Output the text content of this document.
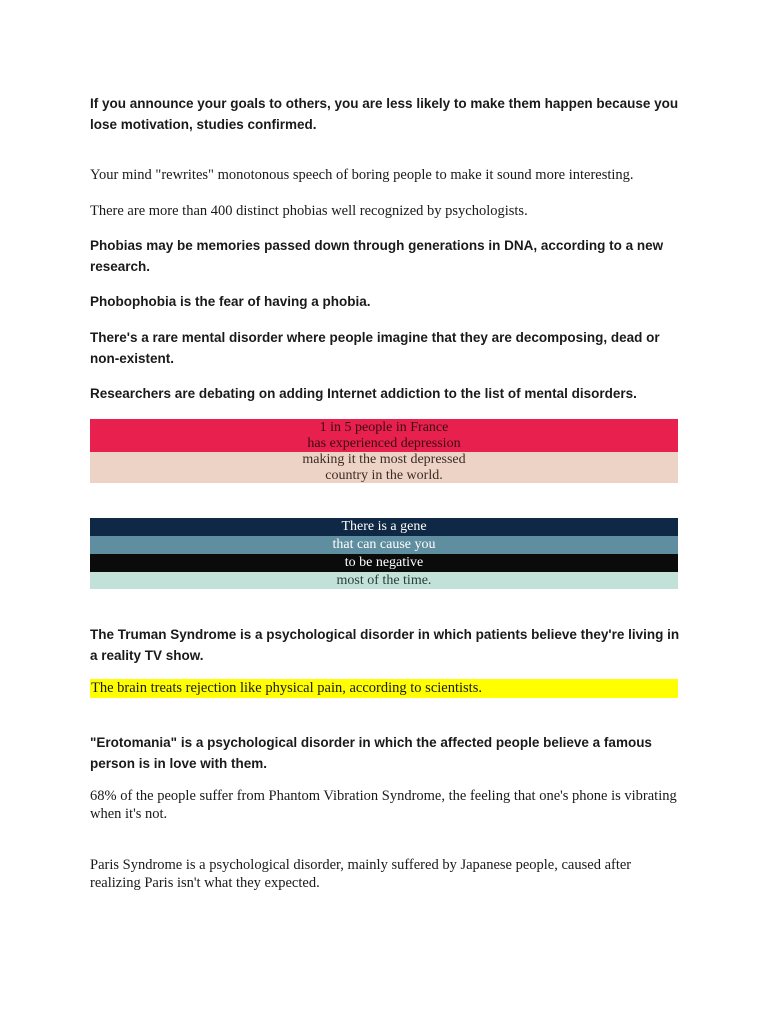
If you announce your goals to others, you are less likely to make them happen because you lose motivation, studies confirmed.

Your mind "rewrites" monotonous speech of boring people to make it sound more interesting.

There are more than 400 distinct phobias well recognized by psychologists.

Phobias may be memories passed down through generations in DNA, according to a new research.

Phobophobia is the fear of having a phobia.

There's a rare mental disorder where people imagine that they are decomposing, dead or non-existent.

Researchers are debating on adding Internet addiction to the list of mental disorders.

1 in 5 people in France
has experienced depression
making it the most depressed
country in the world.
There is a gene
that can cause you
to be negative
most of the time.

The Truman Syndrome is a psychological disorder in which patients believe they're living in a reality TV show.

The brain treats rejection like physical pain, according to scientists.

"Erotomania" is a psychological disorder in which the affected people believe a famous person is in love with them.

68% of the people suffer from Phantom Vibration Syndrome, the feeling that one's phone is vibrating when it's not.

Paris Syndrome is a psychological disorder, mainly suffered by Japanese people, caused after realizing Paris isn't what they expected.
